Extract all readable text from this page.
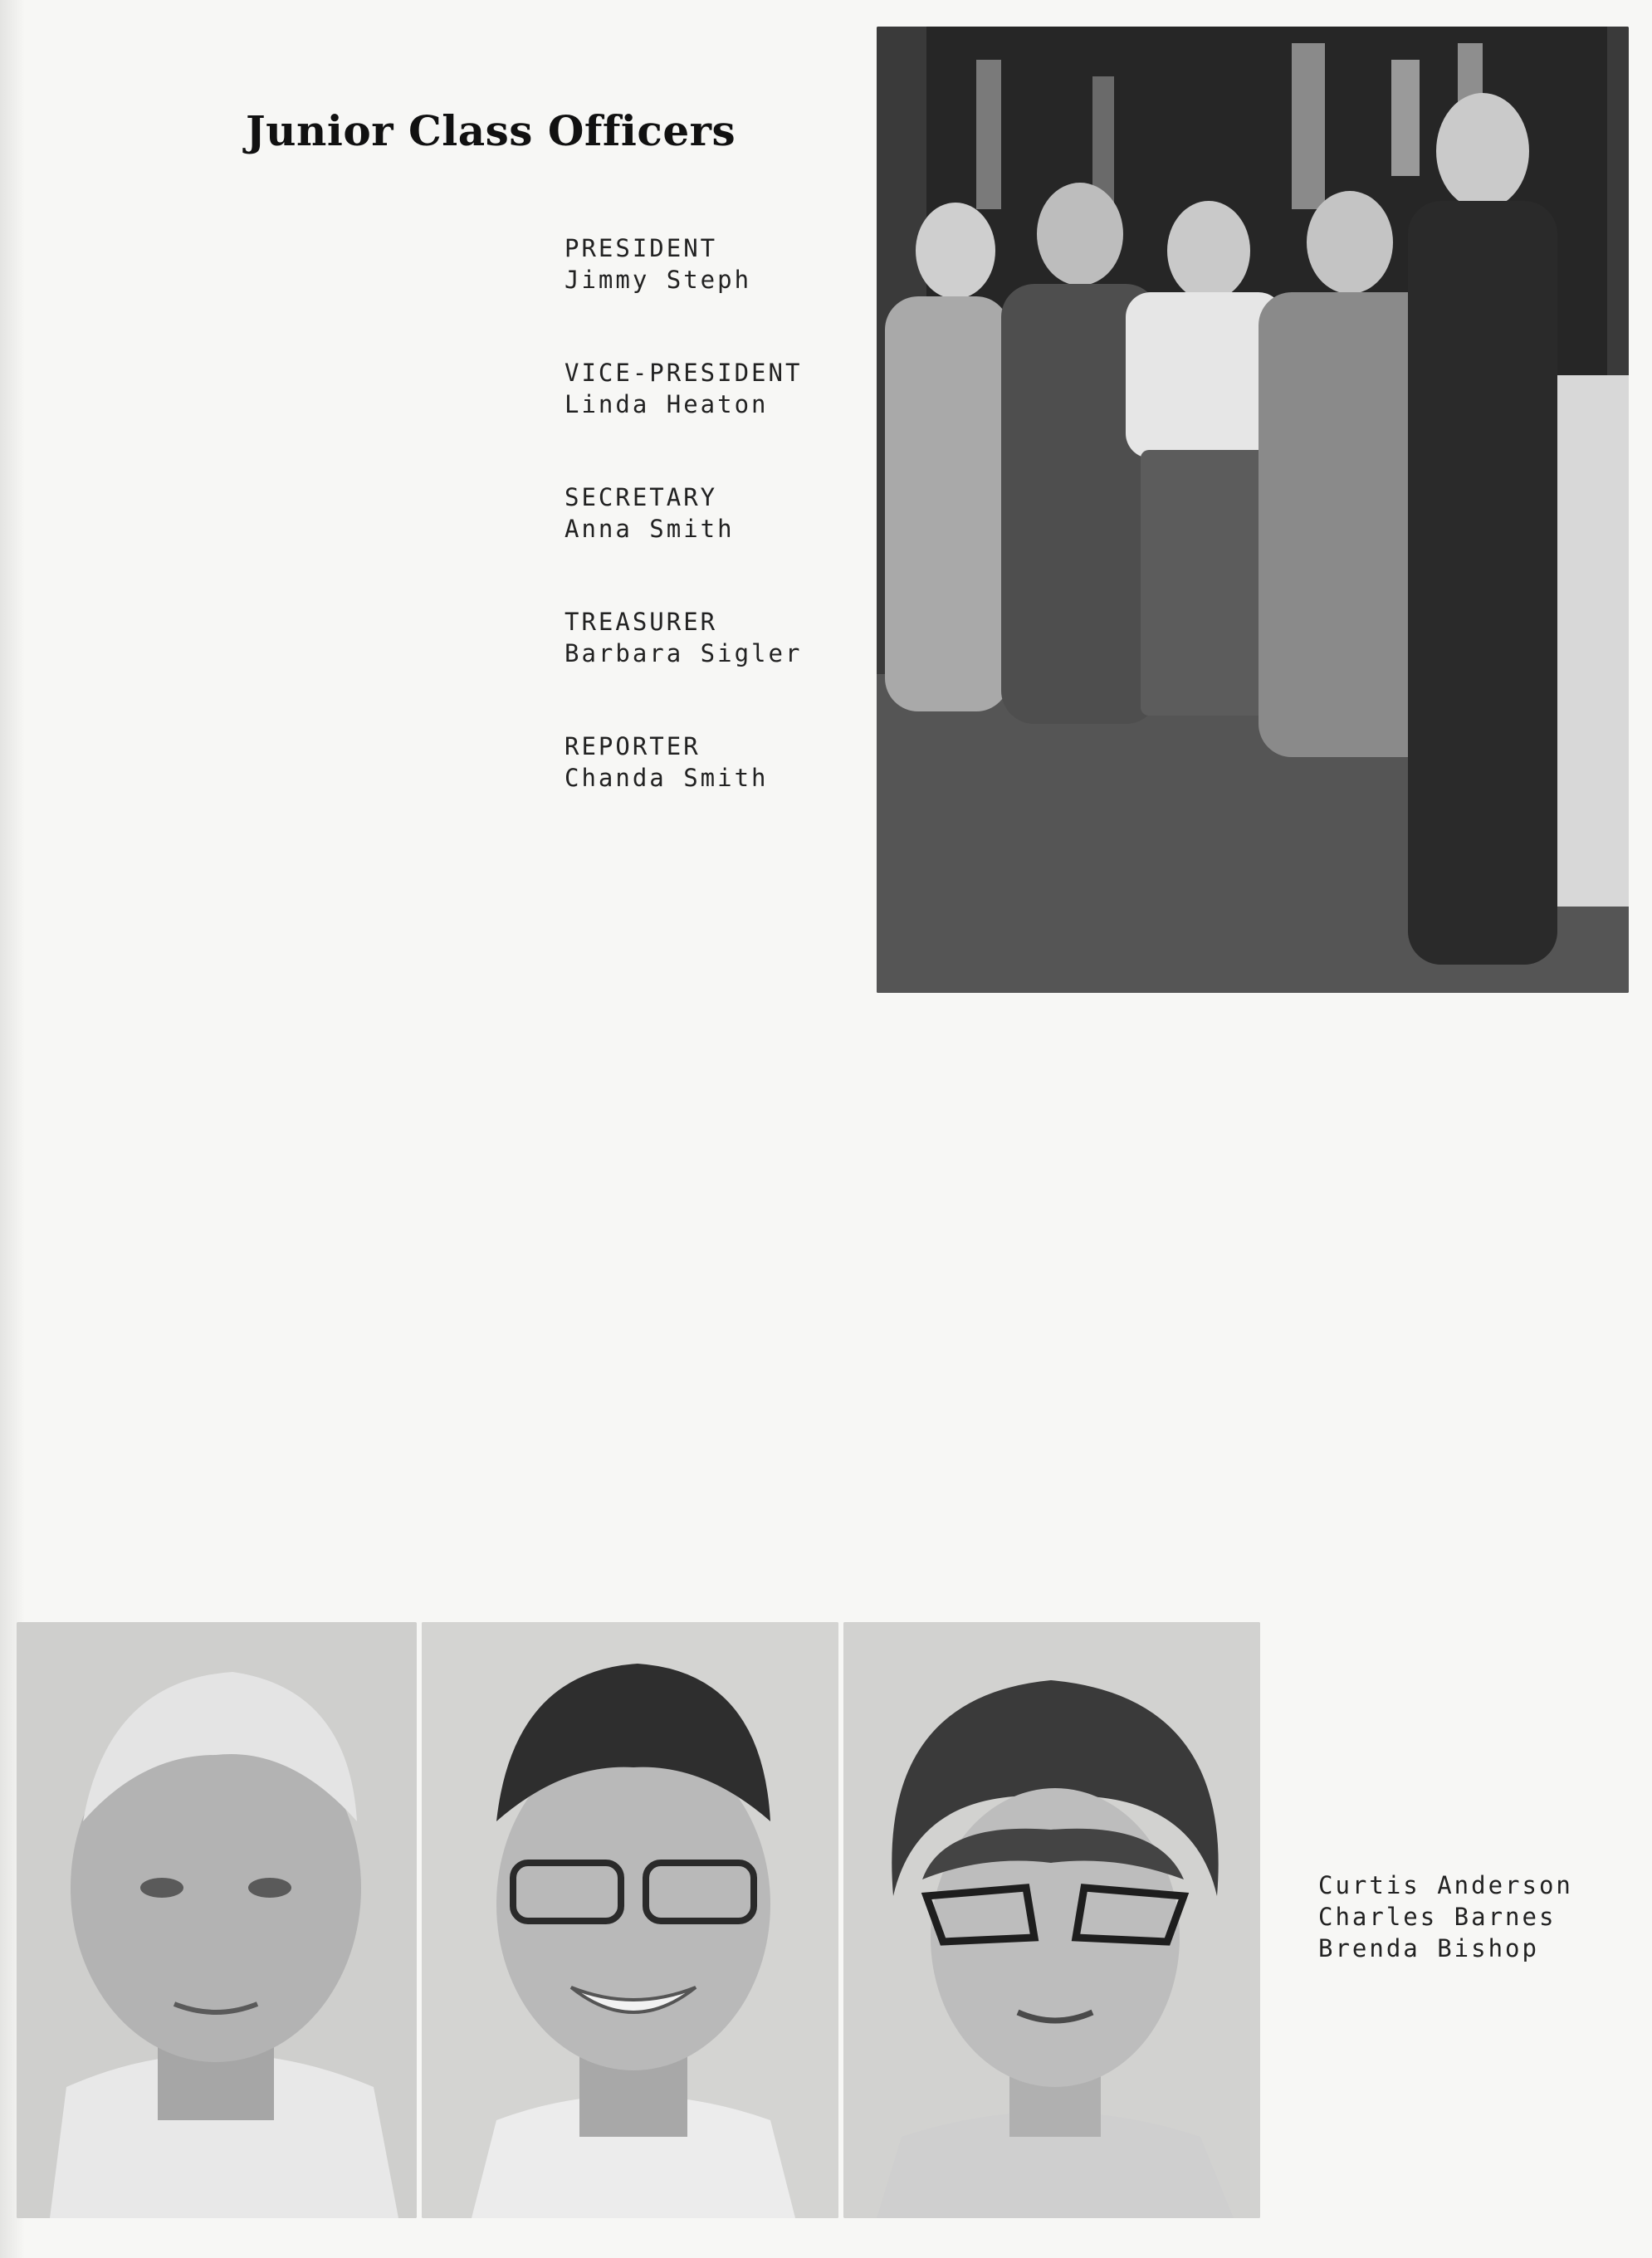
Junior Class Officers
PRESIDENT
Jimmy Steph
VICE-PRESIDENT
Linda Heaton
SECRETARY
Anna Smith
TREASURER
Barbara Sigler
REPORTER
Chanda Smith
Curtis Anderson
Charles Barnes
Brenda Bishop
